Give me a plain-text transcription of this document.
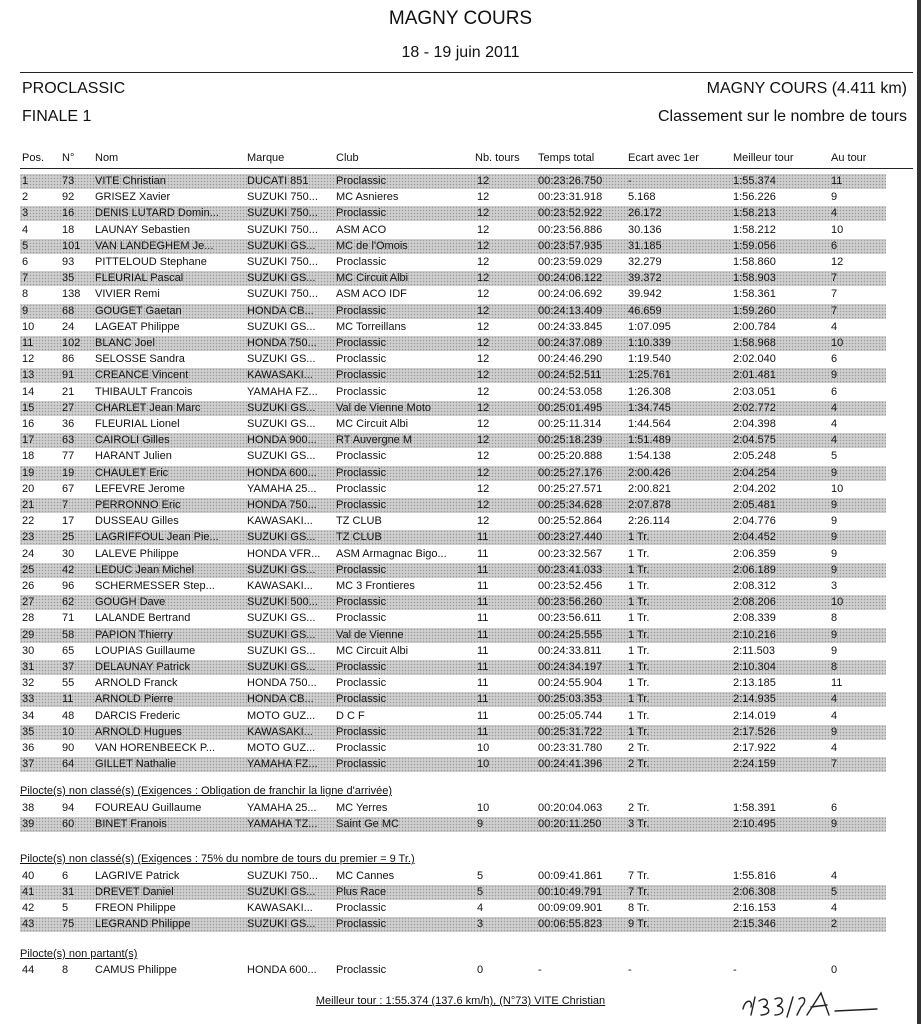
MAGNY COURS
18 - 19 juin 2011
PROCLASSIC	MAGNY COURS (4.411 km)
FINALE 1	Classement sur le nombre de tours
Pos. N° Nom	Marque	Club	Nb. tours Temps total	Ecart avec 1er	Meilleur tour	Au tour
1	73 VITE Christian	DUCATI 851	Proclassic	12	00:23:26.750 -	1:55.374	11
2	92 GRISEZ Xavier	SUZUKI 750...	MC Asnieres	12	00:23:31.918 5.168	1:56.226	9
3	16 DENIS LUTARD Domin...	SUZUKI 750...	Proclassic	12	00:23:52.922 26.172	1:58.213	4
4	18 LAUNAY Sebastien	SUZUKI 750...	ASM ACO	12	00:23:56.886 30.136	1:58.212	10
5	101 VAN LANDEGHEM Je...	SUZUKI GS...	MC de l'Omois	12	00:23:57.935 31.185	1:59.056	6
6	93 PITTELOUD Stephane	SUZUKI 750...	Proclassic	12	00:23:59.029 32.279	1:58.860	12
7	35 FLEURIAL Pascal	SUZUKI GS...	MC Circuit Albi	12	00:24:06.122 39.372	1:58.903	7
8	138 VIVIER Remi	SUZUKI 750...	ASM ACO IDF	12	00:24:06.692 39.942	1:58.361	7
9	68 GOUGET Gaetan	HONDA CB...	Proclassic	12	00:24:13.409 46.659	1:59.260	7
10	24 LAGEAT Philippe	SUZUKI GS...	MC Torreillans	12	00:24:33.845 1:07.095	2:00.784	4
11	102 BLANC Joel	HONDA 750...	Proclassic	12	00:24:37.089 1:10.339	1:58.968	10
12	86 SELOSSE Sandra	SUZUKI GS...	Proclassic	12	00:24:46.290 1:19.540	2:02.040	6
13	91 CREANCE Vincent	KAWASAKI...	Proclassic	12	00:24:52.511 1:25.761	2:01.481	9
14	21 THIBAULT Francois	YAMAHA FZ...	Proclassic	12	00:24:53.058 1:26.308	2:03.051	6
15	27 CHARLET Jean Marc	SUZUKI GS...	Val de Vienne Moto	12	00:25:01.495 1:34.745	2:02.772	4
16	36 FLEURIAL Lionel	SUZUKI GS...	MC Circuit Albi	12	00:25:11.314 1:44.564	2:04.398	4
17	63 CAIROLI Gilles	HONDA 900...	RT Auvergne M	12	00:25:18.239 1:51.489	2:04.575	4
18	77 HARANT Julien	SUZUKI GS...	Proclassic	12	00:25:20.888 1:54.138	2:05.248	5
19	19 CHAULET Eric	HONDA 600...	Proclassic	12	00:25:27.176 2:00.426	2:04.254	9
20	67 LEFEVRE Jerome	YAMAHA 25...	Proclassic	12	00:25:27.571 2:00.821	2:04.202	10
21	7 PERRONNO Eric	HONDA 750...	Proclassic	12	00:25:34.628 2:07.878	2:05.481	9
22	17 DUSSEAU Gilles	KAWASAKI...	TZ CLUB	12	00:25:52.864 2:26.114	2:04.776	9
23	25 LAGRIFFOUL Jean Pie...	SUZUKI GS...	TZ CLUB	11	00:23:27.440 1 Tr.	2:04.452	9
24	30 LALEVE Philippe	HONDA VFR...	ASM Armagnac Bigo...	11	00:23:32.567 1 Tr.	2:06.359	9
25	42 LEDUC Jean Michel	SUZUKI GS...	Proclassic	11	00:23:41.033 1 Tr.	2:06.189	9
26	96 SCHERMESSER Step...	KAWASAKI...	MC 3 Frontieres	11	00:23:52.456 1 Tr.	2:08.312	3
27	62 GOUGH Dave	SUZUKI 500...	Proclassic	11	00:23:56.260 1 Tr.	2:08.206	10
28	71 LALANDE Bertrand	SUZUKI GS...	Proclassic	11	00:23:56.611 1 Tr.	2:08.339	8
29	58 PAPION Thierry	SUZUKI GS...	Val de Vienne	11	00:24:25.555 1 Tr.	2:10.216	9
30	65 LOUPIAS Guillaume	SUZUKI GS...	MC Circuit Albi	11	00:24:33.811 1 Tr.	2:11.503	9
31	37 DELAUNAY Patrick	SUZUKI GS...	Proclassic	11	00:24:34.197 1 Tr.	2:10.304	8
32	55 ARNOLD Franck	HONDA 750...	Proclassic	11	00:24:55.904 1 Tr.	2:13.185	11
33	11 ARNOLD Pierre	HONDA CB...	Proclassic	11	00:25:03.353 1 Tr.	2:14.935	4
34	48 DARCIS Frederic	MOTO GUZ...	D C F	11	00:25:05.744 1 Tr.	2:14.019	4
35	10 ARNOLD Hugues	KAWASAKI...	Proclassic	11	00:25:31.722 1 Tr.	2:17.526	9
36	90 VAN HORENBEECK P...	MOTO GUZ...	Proclassic	10	00:23:31.780 2 Tr.	2:17.922	4
37	64 GILLET Nathalie	YAMAHA FZ...	Proclassic	10	00:24:41.396 2 Tr.	2:24.159	7
Pilocte(s) non classé(s) (Exigences : Obligation de franchir la ligne d'arrivée)
38	94 FOUREAU Guillaume	YAMAHA 25...	MC Yerres	10	00:20:04.063 2 Tr.	1:58.391	6
39	60 BINET Franois	YAMAHA TZ...	Saint Ge MC	9	00:20:11.250 3 Tr.	2:10.495	9
Pilocte(s) non classé(s) (Exigences : 75% du nombre de tours du premier = 9 Tr.)
40	6 LAGRIVE Patrick	SUZUKI 750...	MC Cannes	5	00:09:41.861 7 Tr.	1:55.816	4
41	31 DREVET Daniel	SUZUKI GS...	Plus Race	5	00:10:49.791 7 Tr.	2:06.308	5
42	5 FREON Philippe	KAWASAKI...	Proclassic	4	00:09:09.901 8 Tr.	2:16.153	4
43	75 LEGRAND Philippe	SUZUKI GS...	Proclassic	3	00:06:55.823 9 Tr.	2:15.346	2
Pilocte(s) non partant(s)
44	8 CAMUS Philippe	HONDA 600...	Proclassic	0	-	-	-	0
Meilleur tour : 1:55.374 (137.6 km/h), (N°73) VITE Christian
